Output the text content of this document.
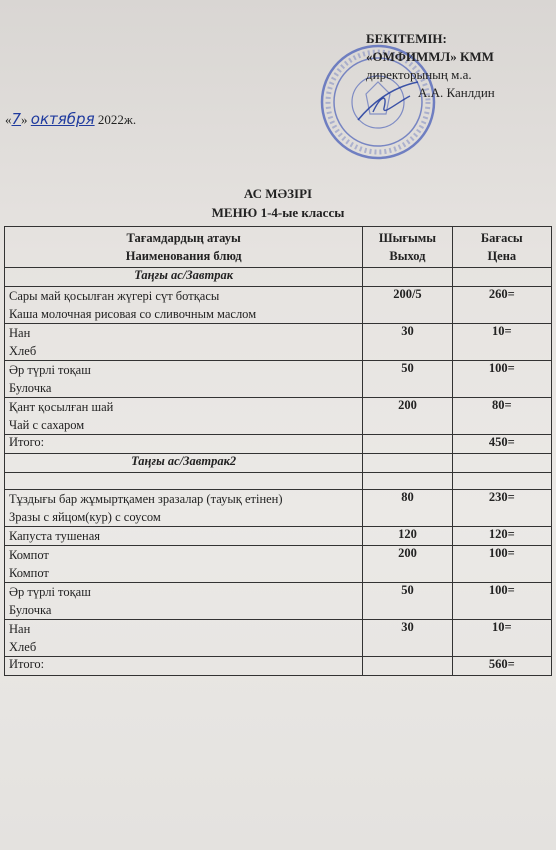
БЕКІТЕМІН:
«ОМФИММЛ» КММ
директорының м.а.
А.А. Канлдин
«7» октября 2022ж.
АС МӘЗІРІ
МЕНЮ 1-4-ые классы
Тағамдардың атауы
Наименования блюд	Шығымы
Выход	Бағасы
Цена

Таңғы ас/Завтрак		

Сары май қосылған жүгері сүт ботқасы
Каша молочная рисовая со сливочным маслом	200/5	260=

Нан
Хлеб	30	10=

Әр түрлі тоқаш
Булочка	50	100=

Қант қосылған шай
Чай с сахаром	200	80=
Итого:		450=
Таңғы ас/Завтрак2		

Тұздығы бар жұмыртқамен зразалар (тауық етінен)
Зразы с яйцом(кур) с соусом	80	230=

Капуста тушеная	120	120=

Компот
Компот	200	100=

Әр түрлі тоқаш
Булочка	50	100=

Нан
Хлеб	30	10=
Итого:		560=
